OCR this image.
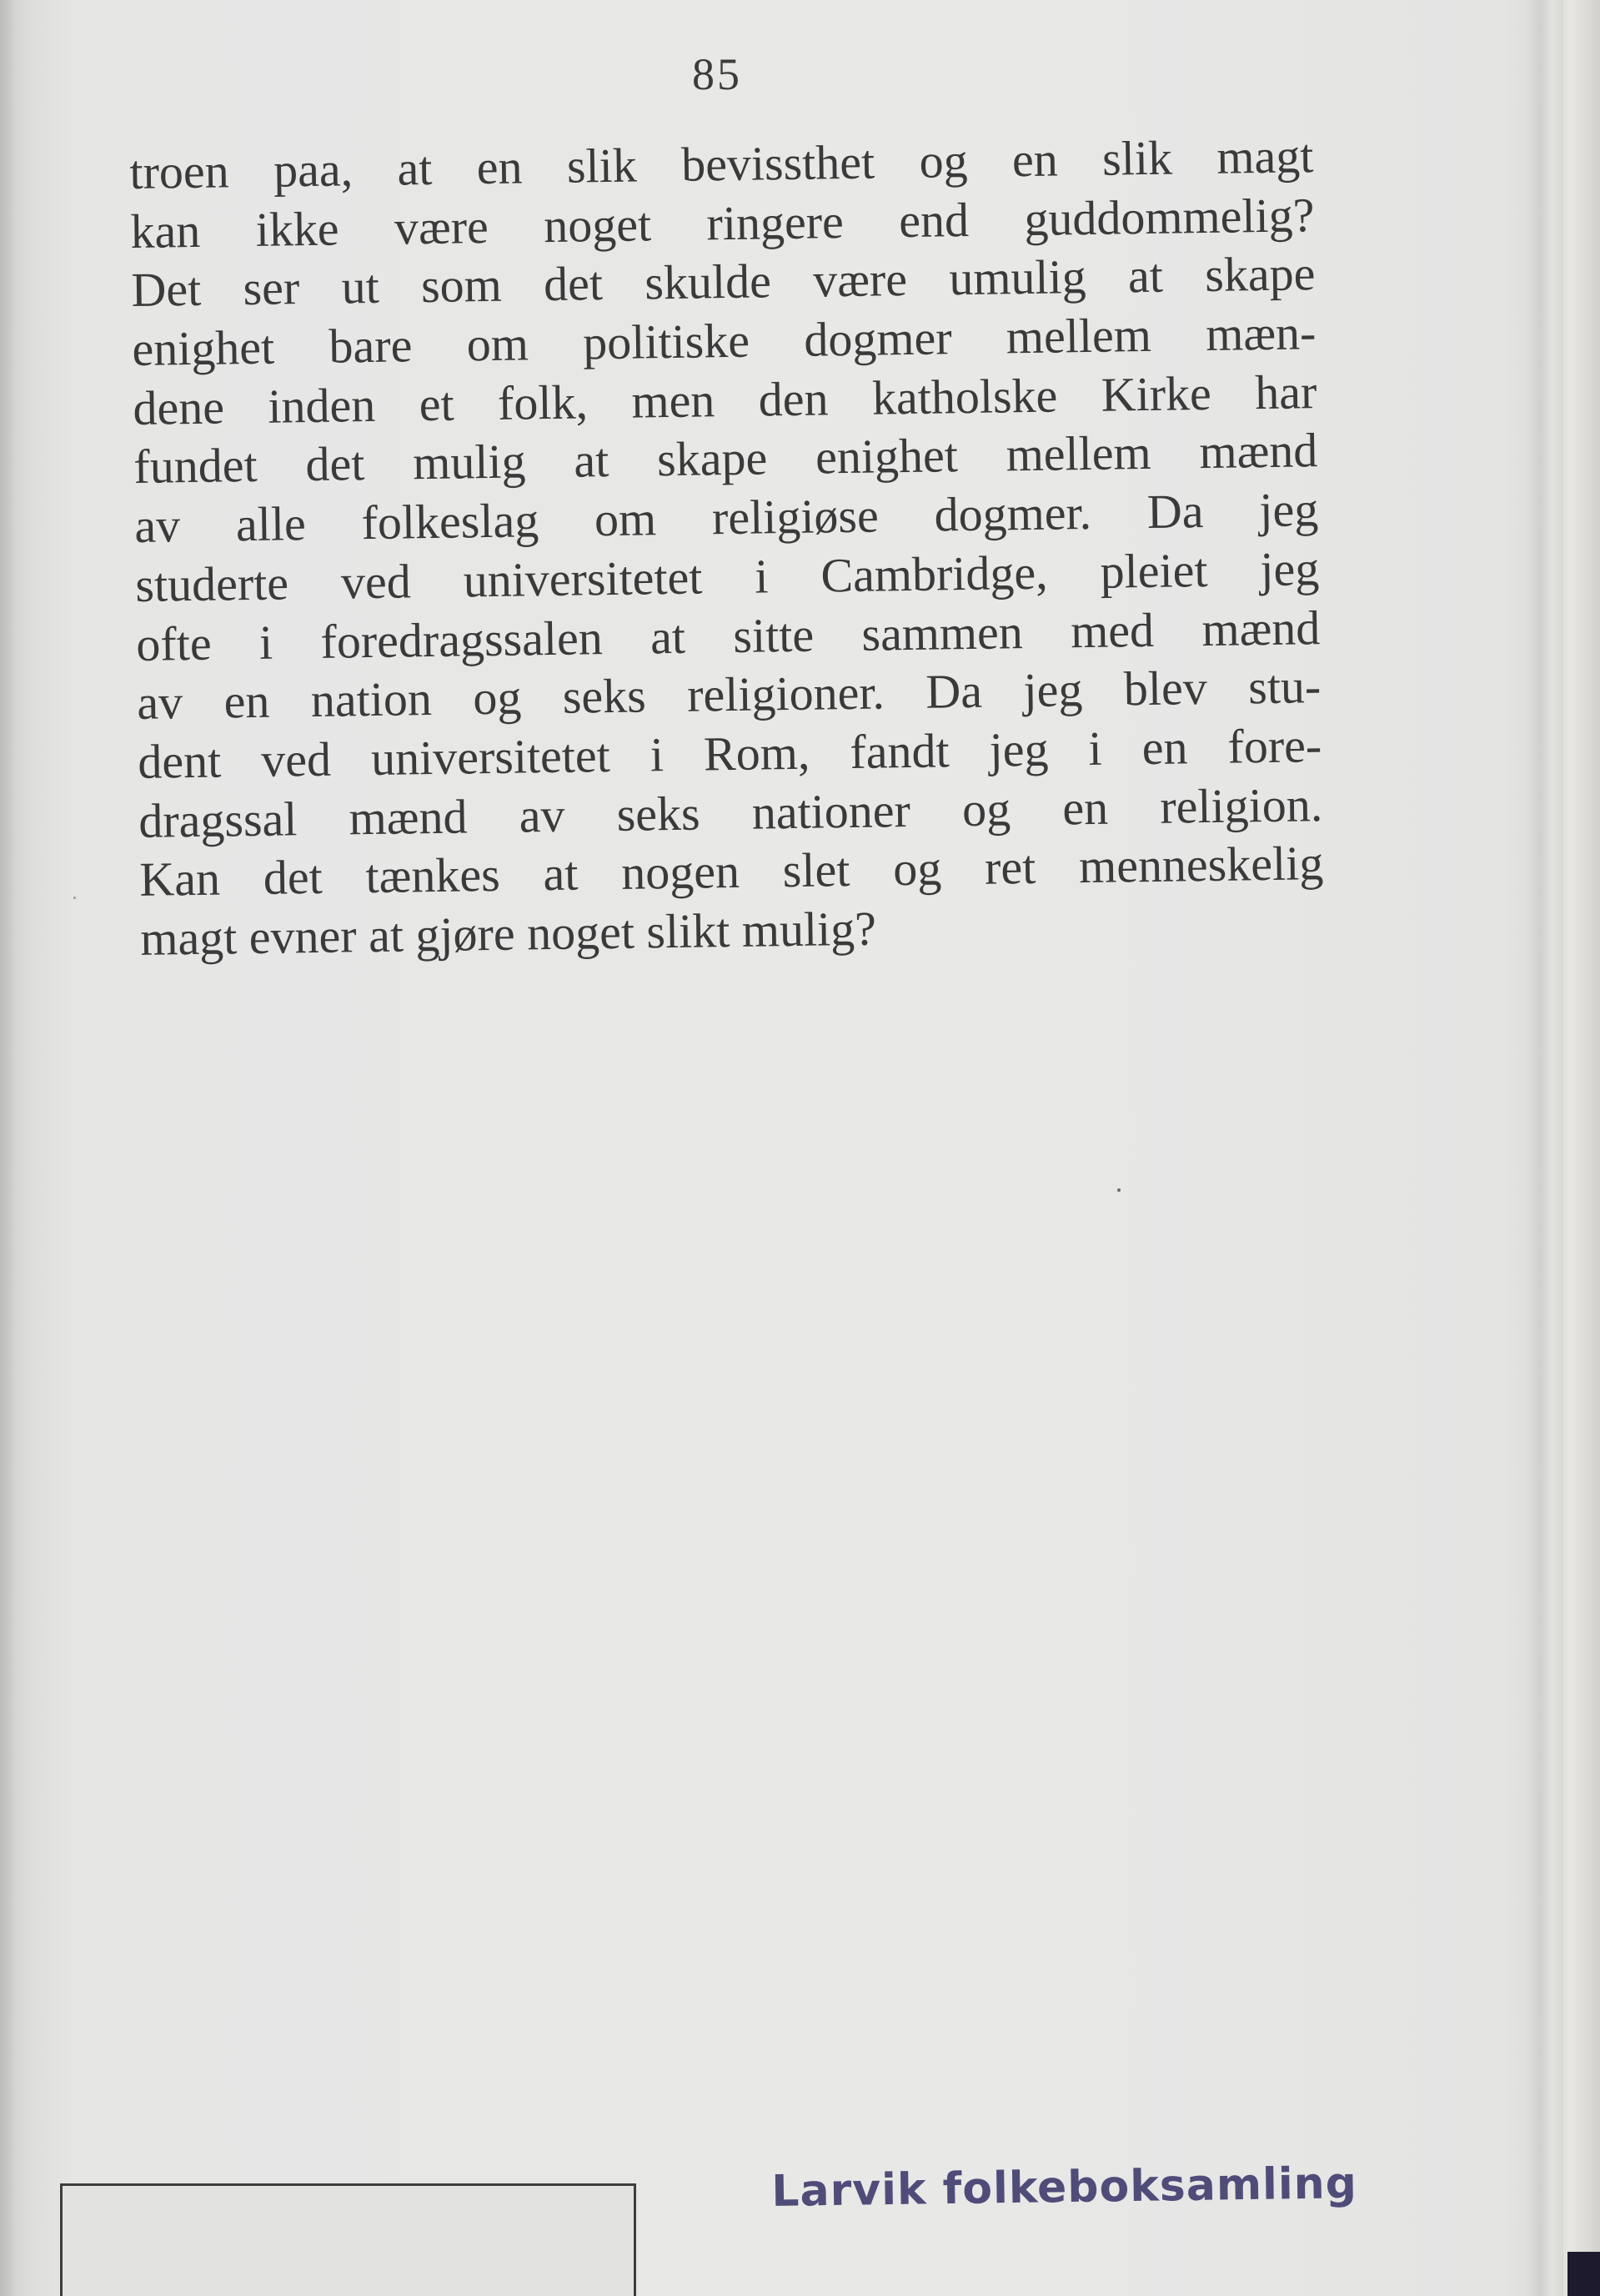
85
troen paa, at en slik bevissthet og en slik magt
kan ikke være noget ringere end guddommelig?
Det ser ut som det skulde være umulig at skape
enighet bare om politiske dogmer mellem mæn-
dene inden et folk, men den katholske Kirke har
fundet det mulig at skape enighet mellem mænd
av alle folkeslag om religiøse dogmer. Da jeg
studerte ved universitetet i Cambridge, pleiet jeg
ofte i foredragssalen at sitte sammen med mænd
av en nation og seks religioner. Da jeg blev stu-
dent ved universitetet i Rom, fandt jeg i en fore-
dragssal mænd av seks nationer og en religion.
Kan det tænkes at nogen slet og ret menneskelig
magt evner at gjøre noget slikt mulig?
Larvik folkeboksamling
